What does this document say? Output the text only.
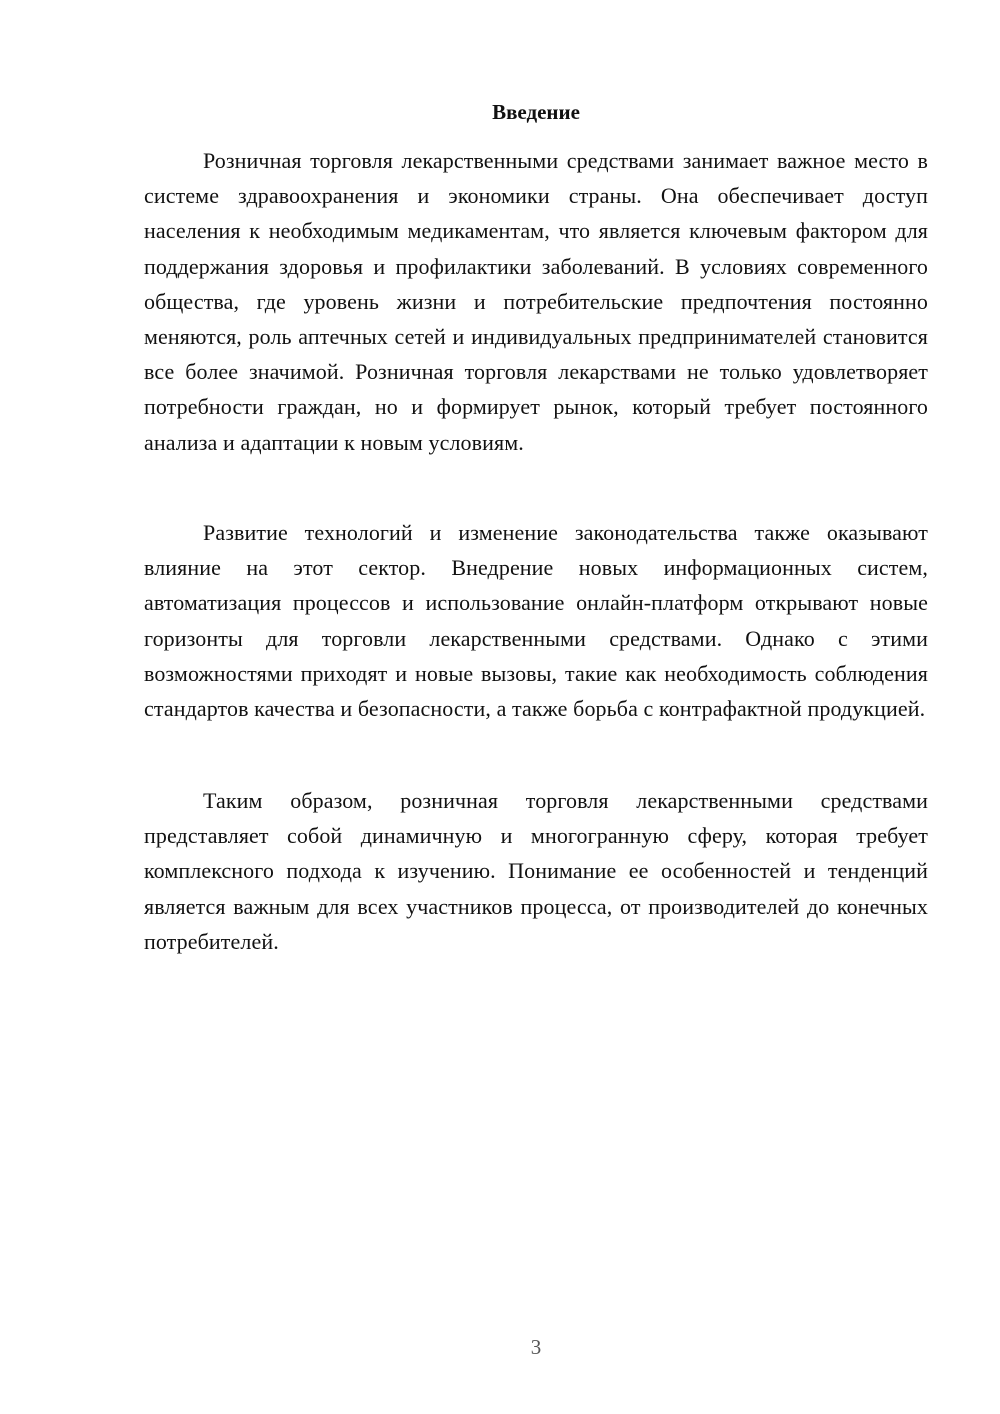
Введение

Розничная торговля лекарственными средствами занимает важное место в системе здравоохранения и экономики страны. Она обеспечивает доступ населения к необходимым медикаментам, что является ключевым фактором для поддержания здоровья и профилактики заболеваний. В условиях современного общества, где уровень жизни и потребительские предпочтения постоянно меняются, роль аптечных сетей и индивидуальных предпринимателей становится все более значимой. Розничная торговля лекарствами не только удовлетворяет потребности граждан, но и формирует рынок, который требует постоянного анализа и адаптации к новым условиям.

Развитие технологий и изменение законодательства также оказывают влияние на этот сектор. Внедрение новых информационных систем, автоматизация процессов и использование онлайн-платформ открывают новые горизонты для торговли лекарственными средствами. Однако с этими возможностями приходят и новые вызовы, такие как необходимость соблюдения стандартов качества и безопасности, а также борьба с контрафактной продукцией.

Таким образом, розничная торговля лекарственными средствами представляет собой динамичную и многогранную сферу, которая требует комплексного подхода к изучению. Понимание ее особенностей и тенденций является важным для всех участников процесса, от производителей до конечных потребителей.

3
